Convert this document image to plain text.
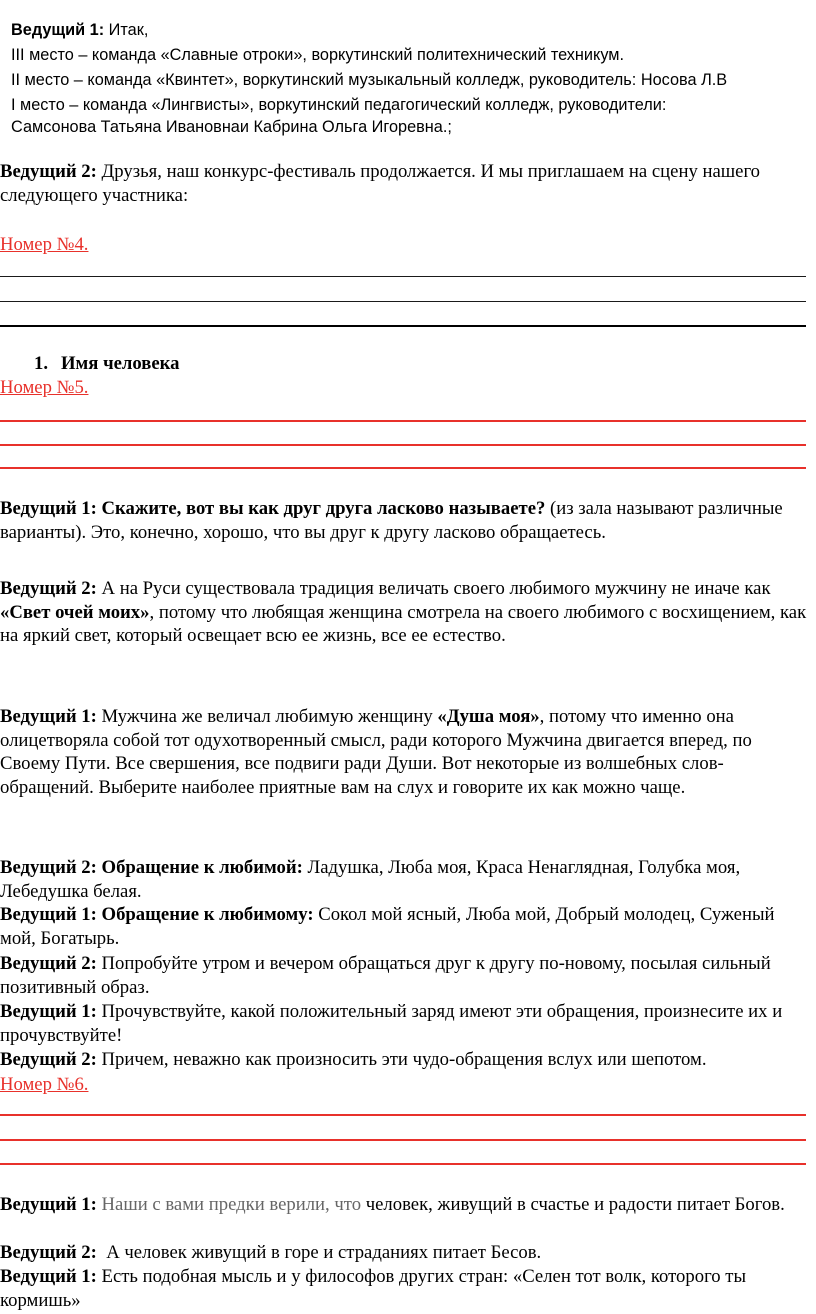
Ведущий 1: Итак,

III место – команда «Славные отроки», воркутинский политехнический техникум.

II место – команда «Квинтет», воркутинский музыкальный колледж, руководитель: Носова Л.В

I место – команда «Лингвисты», воркутинский педагогический колледж, руководители:

Самсонова Татьяна Ивановнаи Кабрина Ольга Игоревна.;

Ведущий 2: Друзья, наш конкурс-фестиваль продолжается. И мы приглашаем на сцену нашего следующего участника:

Номер №4.

1. Имя человека

Номер №5.

Ведущий 1: Скажите, вот вы как друг друга ласково называете? (из зала называют различные варианты). Это, конечно, хорошо, что вы друг к другу ласково обращаетесь.

Ведущий 2: А на Руси существовала традиция величать своего любимого мужчину не иначе как «Свет очей моих», потому что любящая женщина смотрела на своего любимого с восхищением, как на яркий свет, который освещает всю ее жизнь, все ее естество.

Ведущий 1: Мужчина же величал любимую женщину «Душа моя», потому что именно она олицетворяла собой тот одухотворенный смысл, ради которого Мужчина двигается вперед, по Своему Пути. Все свершения, все подвиги ради Души. Вот некоторые из волшебных слов-обращений. Выберите наиболее приятные вам на слух и говорите их как можно чаще.

Ведущий 2: Обращение к любимой: Ладушка, Люба моя, Краса Ненаглядная, Голубка моя, Лебедушка белая.

Ведущий 1: Обращение к любимому: Сокол мой ясный, Люба мой, Добрый молодец, Суженый мой, Богатырь.

Ведущий 2: Попробуйте утром и вечером обращаться друг к другу по-новому, посылая сильный позитивный образ.

Ведущий 1: Прочувствуйте, какой положительный заряд имеют эти обращения, произнесите их и прочувствуйте!

Ведущий 2: Причем, неважно как произносить эти чудо-обращения вслух или шепотом.

Номер №6.

Ведущий 1: Наши с вами предки верили, что человек, живущий в счастье и радости питает Богов.

Ведущий 2:  А человек живущий в горе и страданиях питает Бесов.

Ведущий 1: Есть подобная мысль и у философов других стран: «Селен тот волк, которого ты кормишь»
